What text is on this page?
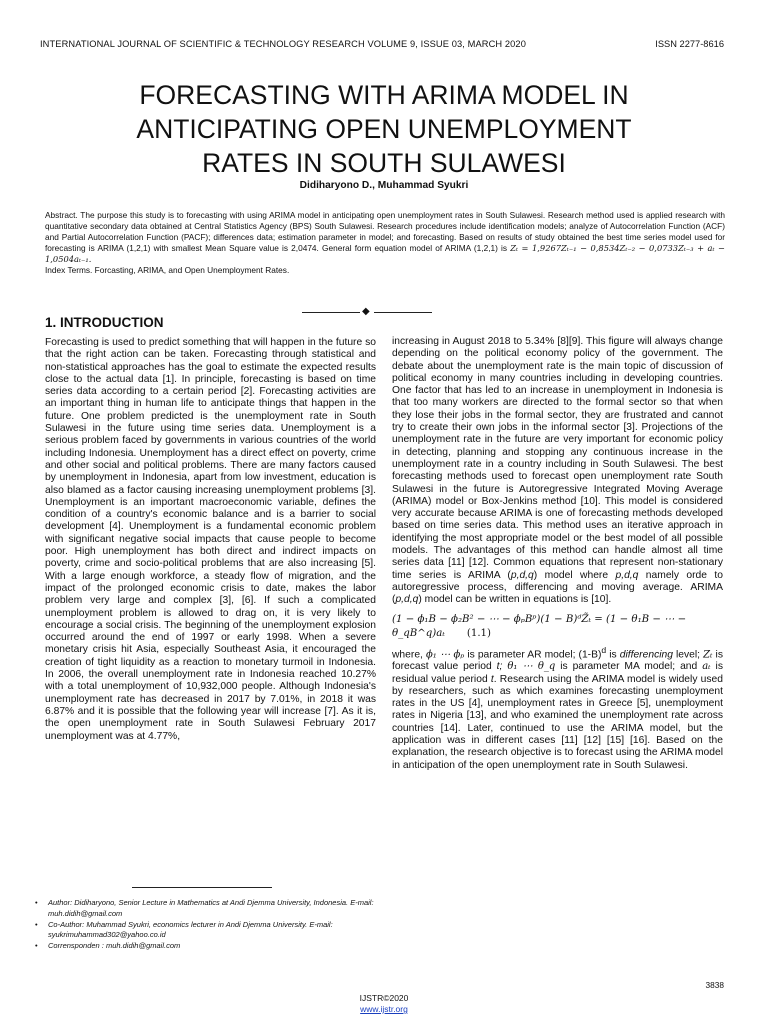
INTERNATIONAL JOURNAL OF SCIENTIFIC & TECHNOLOGY RESEARCH VOLUME 9, ISSUE 03, MARCH 2020	ISSN 2277-8616
FORECASTING WITH ARIMA MODEL IN
ANTICIPATING OPEN UNEMPLOYMENT
RATES IN SOUTH SULAWESI
Didiharyono D., Muhammad Syukri

Abstract. The purpose this study is to forecasting with using ARIMA model in anticipating open unemployment rates in South Sulawesi. Research method used is applied research with quantitative secondary data obtained at Central Statistics Agency (BPS) South Sulawesi. Research procedures include identification models; analyze of Autocorrelation Function (ACF) and Partial Autocorrelation Function (PACF); differences data; estimation parameter in model; and forecasting. Based on results of study obtained the best time series model used for forecasting is ARIMA (1,2,1) with smallest Mean Square value is 2,0474. General form equation model of ARIMA (1,2,1) is Zₜ = 1,9267Zₜ₋₁ − 0,8534Zₜ₋₂ − 0,0733Zₜ₋₃ + aₜ − 1,0504aₜ₋₁.

Index Terms. Forcasting, ARIMA, and Open Unemployment Rates.

◆
1. INTRODUCTION

Forecasting is used to predict something that will happen in the future so that the right action can be taken. Forecasting through statistical and non-statistical approaches has the goal to estimate the expected results close to the actual data [1]. In principle, forecasting is based on time series data according to a certain period [2]. Forecasting activities are an important thing in human life to anticipate things that happen in the future. One problem predicted is the unemployment rate in South Sulawesi in the future using time series data. Unemployment is a serious problem faced by governments in various countries of the world including Indonesia. Unemployment has a direct effect on poverty, crime and other social and political problems. There are many factors caused by unemployment in Indonesia, apart from low investment, education is also blamed as a factor causing increasing unemployment problems [3]. Unemployment is an important macroeconomic variable, defines the condition of a country's economic balance and is a barrier to social development [4]. Unemployment is a fundamental economic problem with significant negative social impacts that cause people to become poor. High unemployment has both direct and indirect impacts on poverty, crime and socio-political problems that are also increasing [5]. With a large enough workforce, a steady flow of migration, and the impact of the prolonged economic crisis to date, makes the labor problem very large and complex [3], [6]. If such a complicated unemployment problem is allowed to drag on, it is very likely to encourage a social crisis. The beginning of the unemployment explosion occurred around the end of 1997 or early 1998. When a severe monetary crisis hit Asia, especially Southeast Asia, it encouraged the creation of tight liquidity as a reaction to monetary turmoil in Indonesia. In 2006, the overall unemployment rate in Indonesia reached 10.27% with a total unemployment of 10,932,000 people. Although Indonesia's unemployment rate has decreased in 2017 by 7.01%, in 2018 it was 6.87% and it is possible that the following year will increase [7]. As it is, the open unemployment rate in South Sulawesi February 2017 unemployment was at 4.77%,

increasing in August 2018 to 5.34% [8][9]. This figure will always change depending on the political economy policy of the government. The debate about the unemployment rate is the main topic of discussion of political economy in many countries including in developing countries. One factor that has led to an increase in unemployment in Indonesia is that too many workers are directed to the formal sector so that when they lose their jobs in the formal sector, they are frustrated and cannot try to create their own jobs in the informal sector [3]. Projections of the unemployment rate in the future are very important for economic policy in detecting, planning and stopping any continuous increase in the unemployment rate in a country including in South Sulawesi. The best forecasting methods used to forecast open unemployment rate South Sulawesi in the future is Autoregressive Integrated Moving Average (ARIMA) model or Box-Jenkins method [10]. This model is considered very accurate because ARIMA is one of forecasting methods developed based on time series data. This method uses an iterative approach in identifying the most appropriate model or the best model of all possible models. The advantages of this method can handle almost all time series data [11] [12]. Common equations that represent non-stationary time series is ARIMA (p,d,q) model where p,d,q namely orde to autoregressive process, differencing and moving average. ARIMA (p,d,q) model can be written in equations is [10].

(1 − ϕ₁B − ϕ₂B² − ⋯ − ϕₚBᵖ)(1 − B)ᵈZ̃ₜ = (1 − θ₁B − ⋯ −
θ_qB^q)aₜ (1.1)

where, ϕ₁ ⋯ ϕₚ is parameter AR model; $(1-B)^d$ is differencing level; Zₜ is forecast value period t; θ₁ ⋯ θ_q is parameter MA model; and aₜ is residual value period t. Research using the ARIMA model is widely used by researchers, such as which examines forecasting unemployment rates in the US [4], unemployment rates in Greece [5], unemployment rates in Nigeria [13], and who examined the unemployment rate across countries [14]. Later, continued to use the ARIMA model, but the application was in different cases [11] [12] [15] [16]. Based on the explanation, the research objective is to forecast using the ARIMA model in anticipation of the open unemployment rate in South Sulawesi.

• Author: Didiharyono, Senior Lecture in Mathematics at Andi Djemma University, Indonesia. E-mail: muh.didih@gmail.com
• Co-Author: Muhammad Syukri, economics lecturer in Andi Djemma University. E-mail: syukrimuhammad302@yahoo.co.id
• Corrensponden : muh.didih@gmail.com
3838
IJSTR©2020
www.ijstr.org
